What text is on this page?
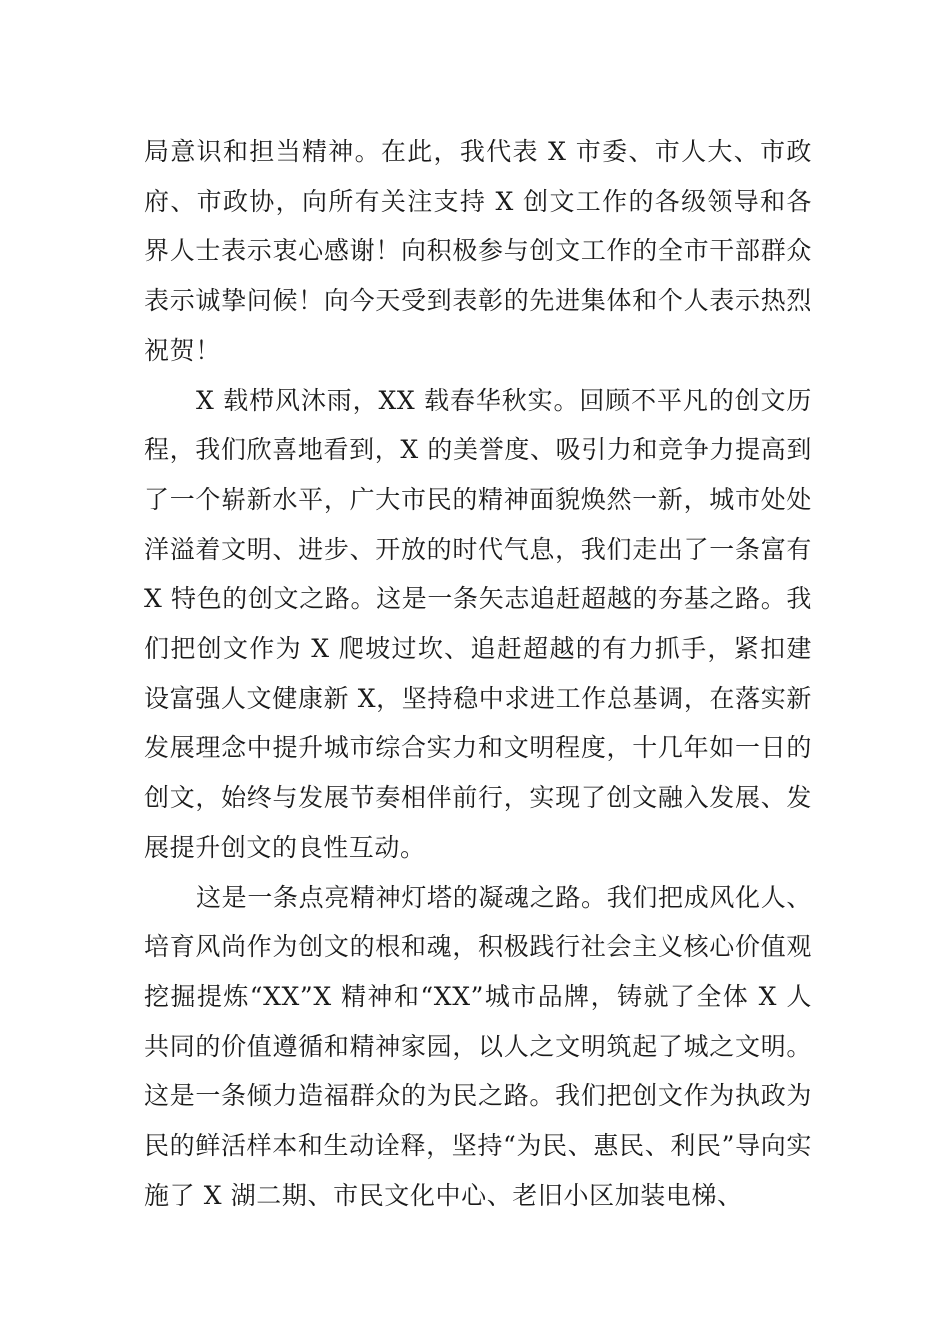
局意识和担当精神。在此，我代表 X 市委、市人大、市政府、市政协，向所有关注支持 X 创文工作的各级领导和各界人士表示衷心感谢！向积极参与创文工作的全市干部群众表示诚挚问候！向今天受到表彰的先进集体和个人表示热烈祝贺！

X 载栉风沐雨，XX 载春华秋实。回顾不平凡的创文历程，我们欣喜地看到，X 的美誉度、吸引力和竞争力提高到了一个崭新水平，广大市民的精神面貌焕然一新，城市处处洋溢着文明、进步、开放的时代气息，我们走出了一条富有X 特色的创文之路。这是一条矢志追赶超越的夯基之路。我们把创文作为 X 爬坡过坎、追赶超越的有力抓手，紧扣建设富强人文健康新 X，坚持稳中求进工作总基调，在落实新发展理念中提升城市综合实力和文明程度，十几年如一日的创文，始终与发展节奏相伴前行，实现了创文融入发展、发展提升创文的良性互动。

这是一条点亮精神灯塔的凝魂之路。我们把成风化人、培育风尚作为创文的根和魂，积极践行社会主义核心价值观挖掘提炼“XX”X 精神和“XX”城市品牌，铸就了全体 X 人共同的价值遵循和精神家园，以人之文明筑起了城之文明。这是一条倾力造福群众的为民之路。我们把创文作为执政为民的鲜活样本和生动诠释，坚持“为民、惠民、利民”导向实施了 X 湖二期、市民文化中心、老旧小区加装电梯、
